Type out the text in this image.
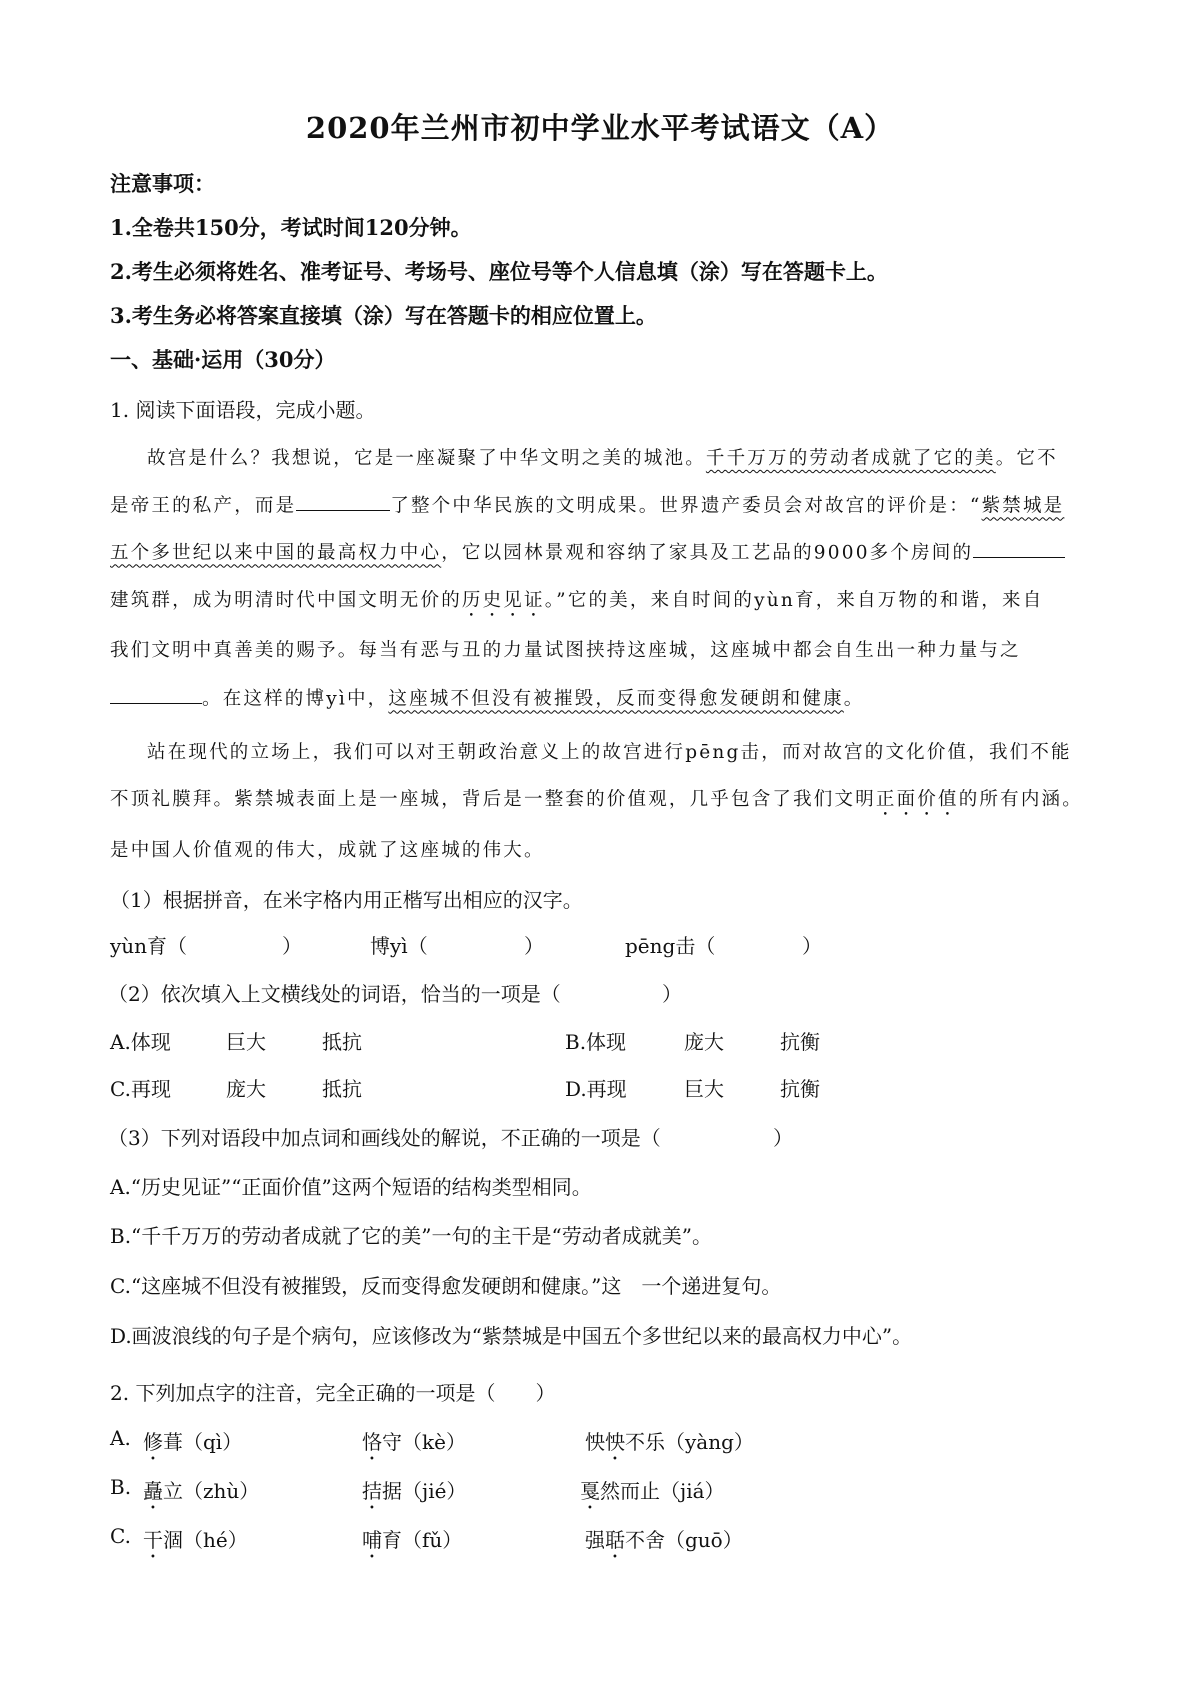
2020年兰州市初中学业水平考试语文（A）
注意事项：
1.全卷共150分，考试时间120分钟。
2.考生必须将姓名、准考证号、考场号、座位号等个人信息填（涂）写在答题卡上。
3.考生务必将答案直接填（涂）写在答题卡的相应位置上。
一、基础·运用（30分）
1. 阅读下面语段，完成小题。
故宫是什么？我想说，它是一座凝聚了中华文明之美的城池。千千万万的劳动者成就了它的美。它不
是帝王的私产，而是	了整个中华民族的文明成果。世界遗产委员会对故宫的评价是：“紫禁城是
五个多世纪以来中国的最高权力中心，它以园林景观和容纳了家具及工艺品的9000多个房间的
建筑群，成为明清时代中国文明无价的历史见证。”它的美，来自时间的yùn育，来自万物的和谐，来自
我们文明中真善美的赐予。每当有恶与丑的力量试图挟持这座城，这座城中都会自生出一种力量与之
。在这样的博yì中，这座城不但没有被摧毁，反而变得愈发硬朗和健康。
站在现代的立场上，我们可以对王朝政治意义上的故宫进行pēng击，而对故宫的文化价值，我们不能
不顶礼膜拜。紫禁城表面上是一座城，背后是一整套的价值观，几乎包含了我们文明正面价值的所有内涵。
是中国人价值观的伟大，成就了这座城的伟大。
（1）根据拼音，在米字格内用正楷写出相应的汉字。
yùn育（	）	博yì（	）	pēng击（	）
（2）依次填入上文横线处的词语，恰当的一项是（	）
A.体现	巨大	抵抗	B.体现	庞大	抗衡
C.再现	庞大	抵抗	D.再现	巨大	抗衡
（3）下列对语段中加点词和画线处的解说，不正确的一项是（	）
A.“历史见证”“正面价值”这两个短语的结构类型相同。
B.“千千万万的劳动者成就了它的美”一句的主干是“劳动者成就美”。
C.“这座城不但没有被摧毁，反而变得愈发硬朗和健康。”这　一个递进复句。
D.画波浪线的句子是个病句，应该修改为“紫禁城是中国五个多世纪以来的最高权力中心”。
2. 下列加点字的注音，完全正确的一项是（　　）
A. 修葺（qì）	恪守（kè）	怏怏不乐（yàng）
B. 矗立（zhù）	拮据（jié）	戛然而止（jiá）
C. 干涸（hé）	哺育（fǔ）	强聒不舍（guō）
